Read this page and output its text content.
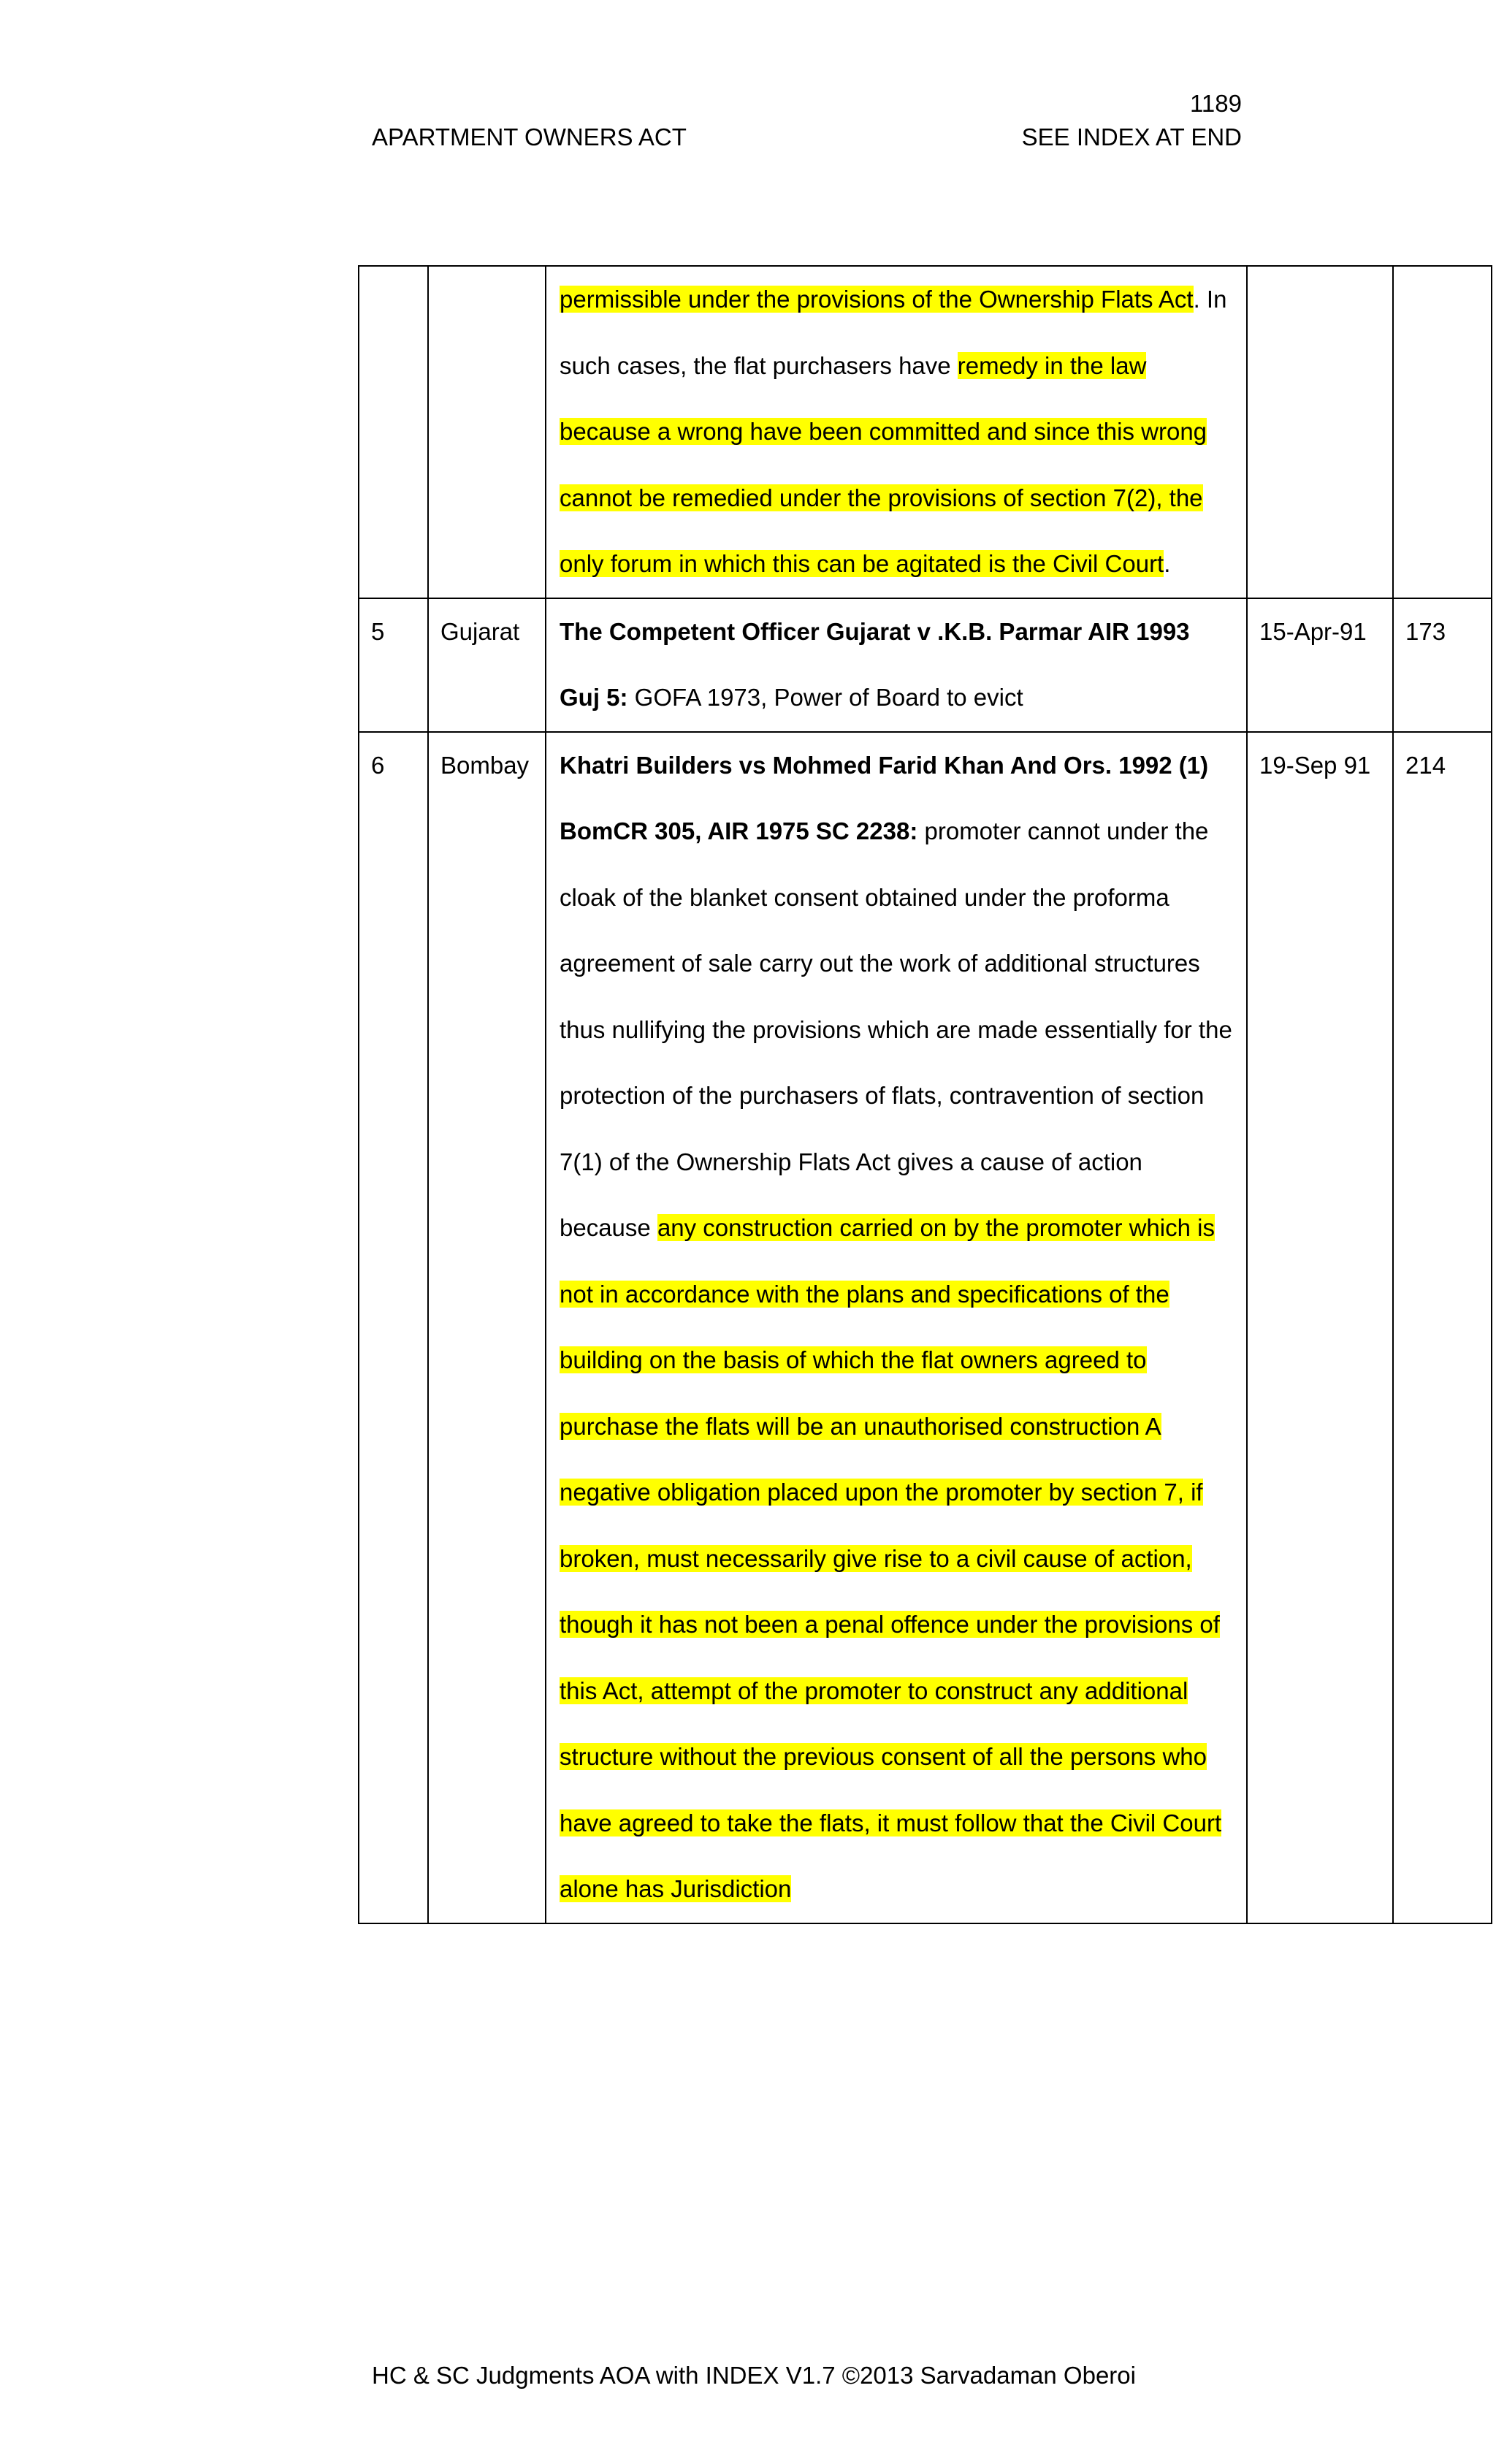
1189
APARTMENT OWNERS ACT	SEE INDEX AT END

		permissible under the provisions of the Ownership Flats Act. In such cases, the flat purchasers have remedy in the law because a wrong have been committed and since this wrong cannot be remedied under the provisions of section 7(2), the only forum in which this can be agitated is the Civil Court.		

5	Gujarat	The Competent Officer Gujarat v .K.B. Parmar AIR 1993 Guj 5: GOFA 1973, Power of Board to evict	15-Apr-91	173
6	Bombay	Khatri Builders vs Mohmed Farid Khan And Ors. 1992 (1) BomCR 305, AIR 1975 SC 2238: promoter cannot under the cloak of the blanket consent obtained under the proforma agreement of sale carry out the work of additional structures thus nullifying the provisions which are made essentially for the protection of the purchasers of flats, contravention of section 7(1) of the Ownership Flats Act gives a cause of action because any construction carried on by the promoter which is not in accordance with the plans and specifications of the building on the basis of which the flat owners agreed to purchase the flats will be an unauthorised construction A negative obligation placed upon the promoter by section 7, if broken, must necessarily give rise to a civil cause of action, though it has not been a penal offence under the provisions of this Act, attempt of the promoter to construct any additional structure without the previous consent of all the persons who have agreed to take the flats, it must follow that the Civil Court alone has Jurisdiction	19-Sep 91	214
HC & SC Judgments AOA with INDEX V1.7 ©2013 Sarvadaman Oberoi
